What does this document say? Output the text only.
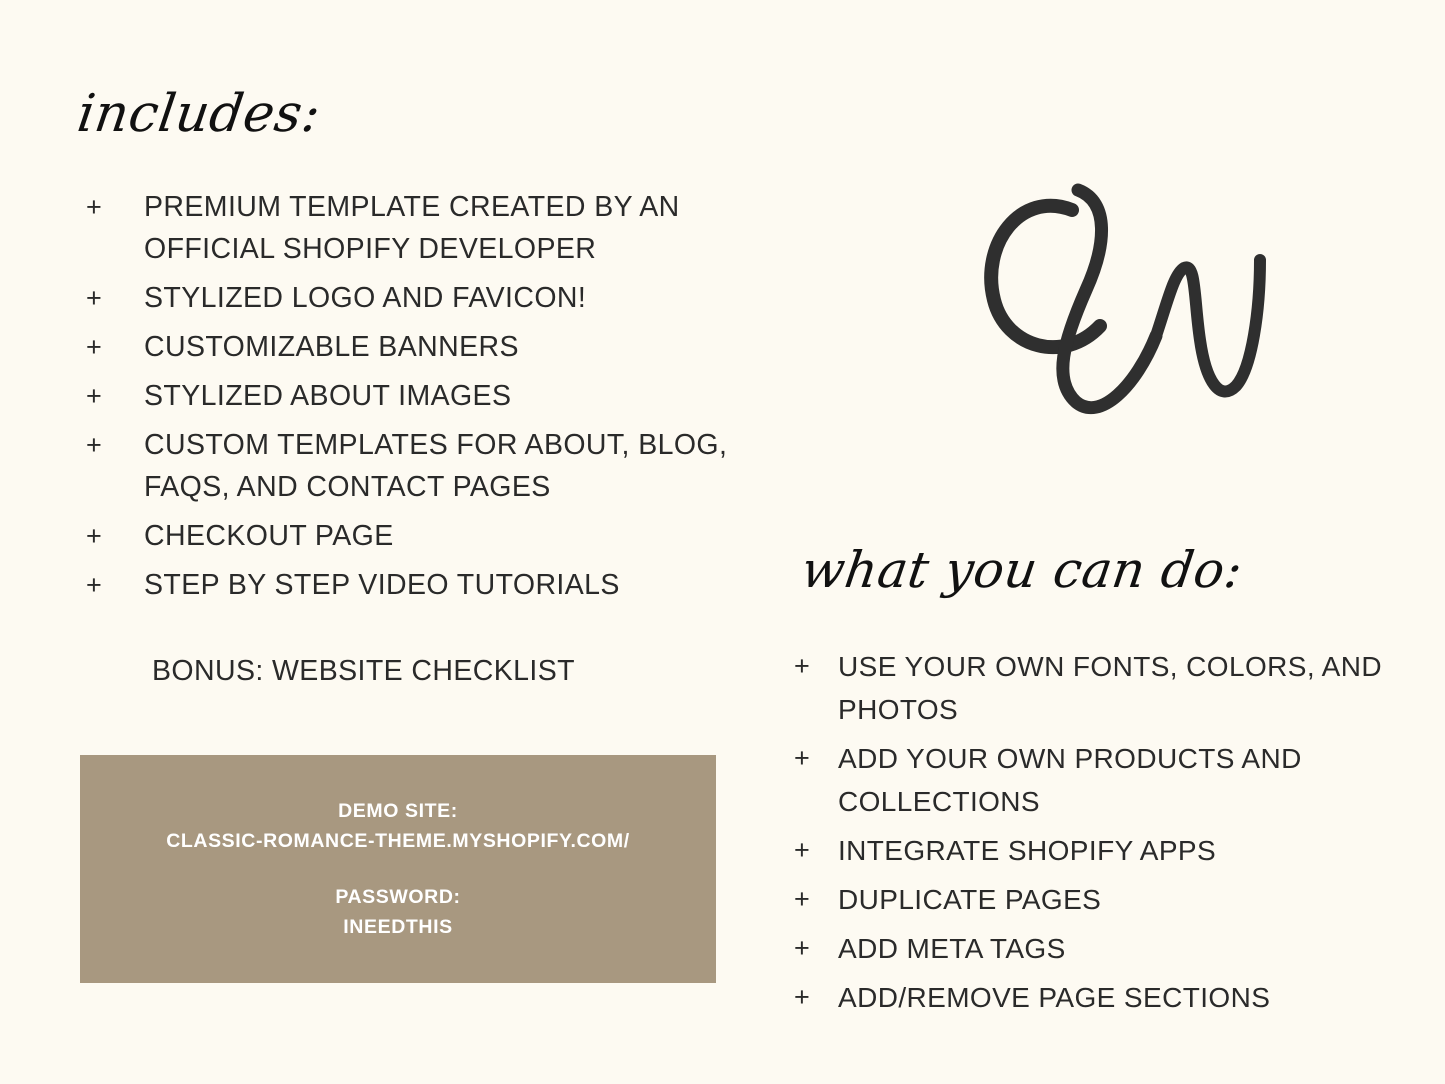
includes:
+	PREMIUM TEMPLATE CREATED BY AN OFFICIAL SHOPIFY DEVELOPER
+	STYLIZED LOGO AND FAVICON!
+	CUSTOMIZABLE BANNERS
+	STYLIZED ABOUT IMAGES
+	CUSTOM TEMPLATES FOR ABOUT, BLOG, FAQS, AND CONTACT PAGES
+	CHECKOUT PAGE
+	STEP BY STEP VIDEO TUTORIALS
BONUS: WEBSITE CHECKLIST
DEMO SITE:
CLASSIC-ROMANCE-THEME.MYSHOPIFY.COM/
PASSWORD:
INEEDTHIS
what you can do:
+	USE YOUR OWN FONTS, COLORS, AND PHOTOS
+	ADD YOUR OWN PRODUCTS AND COLLECTIONS
+	INTEGRATE SHOPIFY APPS
+	DUPLICATE PAGES
+	ADD META TAGS
+	ADD/REMOVE PAGE SECTIONS
